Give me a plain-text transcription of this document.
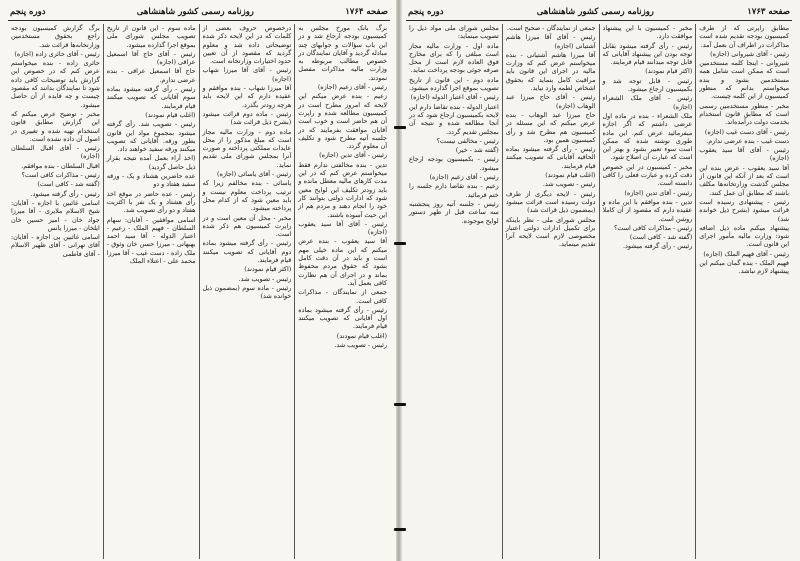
صفحه ۱۷۶۴
روزنامه رسمی کشور شاهنشاهی
دوره پنجم

برگ بانک مورخ مجلس به کمیسیون بودجه ارجاع شد و در این باب سؤالات و جوابهای چند مبادله گردید و آقایان نمایندگان در خصوص مطالب مربوطه به وزارت مالیه مذاکرات مفصل نمودند.

رئیس - آقای زعیم (اجازه)

زعیم - بنده عرض میکنم این لایحه که امروز مطرح است در کمیسیون مطالعه شده و راپرت آن هم حاضر است و خوب است آقایان موافقت بفرمایند که در جلسه آتیه مطرح شود و تکلیف آن معلوم گردد.

رئیس - آقای تدین (اجازه)

تدین - بنده مخالفتی ندارم فقط میخواستم عرض کنم که در این مدت کارهای مالیه معطل مانده و باید زودتر تکلیف این لوایح معین شود که ادارات دولتی بتوانند کار خود را انجام دهند و مردم هم از این حیث آسوده باشند.

رئیس - آقای آقا سید یعقوب (اجازه)

آقا سید یعقوب - بنده عرض میکنم که این ماده خیلی مهم است و باید در آن دقت کامل بشود که حقوق مردم محفوظ بماند و در اجرای آن هم نظارت کافی بعمل آید.

جمعی از نمایندگان - مذاکرات کافی است.

رئیس - رأی گرفته میشود بماده اول آقایانی که تصویب میکنند قیام فرمایند.

(اغلب قیام نمودند)

رئیس - تصویب شد.

درخصوص حروف بعضی از کلمات که در این لایحه ذکر شده توضیحاتی داده شد و معلوم گردید که مقصود از آن تعیین حدود اختیارات وزارتخانه است.

رئیس - آقای آقا میرزا شهاب (اجازه)

آقا میرزا شهاب - بنده موافقم و عقیده دارم که این لایحه باید هرچه زودتر بگذرد.

رئیس - ماده دوم قرائت میشود (بشرح ذیل قرائت شد)

ماده دوم - وزارت مالیه مجاز است که مبلغ مذکور را از محل عایدات مملکتی پرداخته و صورت آنرا بمجلس شورای ملی تقدیم نماید.

رئیس - آقای یاسائی (اجازه)

یاسائی - بنده مخالفم زیرا که ترتیب پرداخت معلوم نیست و باید معین شود که از کدام محل پرداخته میشود.

مخبر - محل آن معین است و در راپرت کمیسیون هم ذکر شده است.

رئیس - رأی گرفته میشود بماده دوم آقایانی که تصویب میکنند قیام فرمایند.

(اکثر قیام نمودند)

رئیس - تصویب شد.

رئیس - ماده سوم (بمضمون ذیل خوانده شد)

ماده سوم - این قانون از تاریخ تصویب مجلس شورای ملی بموقع اجرا گذارده میشود.

رئیس - آقای حاج آقا اسمعیل عراقی (اجازه)

حاج آقا اسمعیل عراقی - بنده عرضی ندارم.

رئیس - رأی گرفته میشود بماده سوم آقایانی که تصویب میکنند قیام فرمایند.

(اغلب قیام نمودند)

رئیس - تصویب شد. رأی گرفته میشود بمجموع مواد این قانون بطور ورقه. آقایانی که تصویب میکنند ورقه سفید خواهند داد.

(اخذ آراء بعمل آمده نتیجه بقرار ذیل حاصل گردید)

عده حاضرین هشتاد و یک - ورقه سفید هفتاد و دو

رئیس - عده حاضر در موقع اخذ رأی هشتاد و یک نفر با اکثریت هفتاد و دو رأی تصویب شد.

اسامی موافقین - آقایان: سهام السلطان - فهیم الملک - زعیم - اعتبار الدوله - آقا سید احمد بهبهانی - میرزا حسن خان وثوق - ملک زاده - دست غیب - آقا میرزا محمد علی - اعتلاء الملک

برگ گزارش کمیسیون بودجه راجع بحقوق مستخدمین وزارتخانه‌ها قرائت شد.

رئیس - آقای حائری زاده (اجازه)

حائری زاده - بنده میخواستم عرض کنم که در خصوص این گزارش باید توضیحات کافی داده شود تا نمایندگان بدانند که مقصود چیست و چه فایده از آن حاصل میشود.

مخبر - توضیح عرض میکنم که این گزارش مطابق قانون استخدام تهیه شده و تغییری در اصول آن داده نشده است.

رئیس - آقای اقبال السلطان (اجازه)

اقبال السلطان - بنده موافقم.

رئیس - مذاکرات کافی است؟

(گفته شد - کافی است)

رئیس - رأی گرفته میشود.

اسامی غائبین با اجازه - آقایان: شیخ الاسلام ملایری - آقا میرزا جواد خان - امیر حسین خان ایلخان - میرزا یانس

اسامی غائبین بی اجازه - آقایان: آقای تهرانی - آقای ظهیر الاسلام - آقای فاطمی

صفحه ۱۷۶۳
روزنامه رسمی کشور شاهنشاهی
دوره پنجم

مطابق راپرتی که از طرف کمیسیون بودجه تقدیم شده است مذاکرات در اطراف آن بعمل آمد.

رئیس - آقای شیروانی (اجازه)

شیروانی - اینجا کلمه مستخدمین است که ممکن است شامل همه مستخدمین بشود و بنده میخواستم بدانم که منظور کمیسیون از این کلمه چیست.

مخبر - منظور مستخدمین رسمی است که مطابق قانون استخدام بخدمت دولت درآمده‌اند.

رئیس - آقای دست غیب (اجازه)

دست غیب - بنده عرضی ندارم.

رئیس - آقای آقا سید یعقوب (اجازه)

آقا سید یعقوب - عرض بنده این است که بعد از آنکه این قانون از مجلس گذشت وزارتخانه‌ها مکلف باشند که مطابق آن عمل کنند.

رئیس - پیشنهادی رسیده است قرائت میشود (بشرح ذیل خوانده شد)

پیشنهاد میکنم ماده ذیل اضافه شود: وزارت مالیه مأمور اجرای این قانون است.

رئیس - آقای فهیم الملک (اجازه)

فهیم الملک - بنده گمان میکنم این پیشنهاد لازم نباشد.

مخبر - کمیسیون با این پیشنهاد موافقت دارد.

رئیس - رأی گرفته میشود بقابل توجه بودن این پیشنهاد آقایانی که قابل توجه میدانند قیام فرمایند.

(اکثر قیام نمودند)

رئیس - قابل توجه شد و بکمیسیون ارجاع میشود.

رئیس - آقای ملک الشعراء (اجازه)

ملک الشعراء - بنده در ماده اول عرضی داشتم که اگر اجازه میفرمائید عرض کنم. این ماده طوری نوشته شده که ممکن است سوء تعبیر بشود و بهتر این است که عبارت آن اصلاح شود.

مخبر - کمیسیون در این خصوص دقت کرده و عبارت فعلی را کافی دانسته است.

رئیس - آقای تدین (اجازه)

تدین - بنده موافقم با این ماده و عقیده دارم که مقصود از آن کاملا روشن است.

رئیس - مذاکرات کافی است؟

(گفته شد - کافی است)

رئیس - رأی گرفته میشود.

جمعی از نمایندگان - صحیح است.

رئیس - آقای آقا میرزا هاشم آشتیانی (اجازه)

آقا میرزا هاشم آشتیانی - بنده میخواستم عرض کنم که وزارت مالیه در اجرای این قانون باید مراقبت کامل بنماید که بحقوق اشخاص لطمه وارد نیاید.

رئیس - آقای حاج میرزا عبد الوهاب (اجازه)

حاج میرزا عبد الوهاب - بنده عرض میکنم که این مسئله در کمیسیون هم مطرح شد و رأی کمیسیون همین بود.

رئیس - رأی گرفته میشود بماده الحاقیه آقایانی که تصویب میکنند قیام فرمایند.

(اغلب قیام نمودند)

رئیس - تصویب شد.

رئیس - لایحه دیگری از طرف دولت رسیده است قرائت میشود (بمضمون ذیل قرائت شد)

مجلس شورای ملی - نظر باینکه برای تکمیل ادارات دولتی اعتبار مخصوصی لازم است لایحه آنرا تقدیم مینماید.

مجلس شورای ملی مواد ذیل را تصویب مینماید:

ماده اول - وزارت مالیه مجاز است مبلغی را که برای مخارج فوق العاده لازم است از محل صرفه جوئی بودجه پرداخت نماید.

ماده دوم - این قانون از تاریخ تصویب بموقع اجرا گذارده میشود.

رئیس - آقای اعتبار الدوله (اجازه)

اعتبار الدوله - بنده تقاضا دارم این لایحه بکمیسیون ارجاع شود که در آنجا مطالعه شده و نتیجه آن بمجلس تقدیم گردد.

رئیس - مخالفی نیست؟

(گفته شد - خیر)

رئیس - بکمیسیون بودجه ارجاع میشود.

رئیس - آقای زعیم (اجازه)

زعیم - بنده تقاضا دارم جلسه را ختم فرمائید.

رئیس - جلسه آتیه روز پنجشنبه سه ساعت قبل از ظهر دستور لوایح موجوده.
